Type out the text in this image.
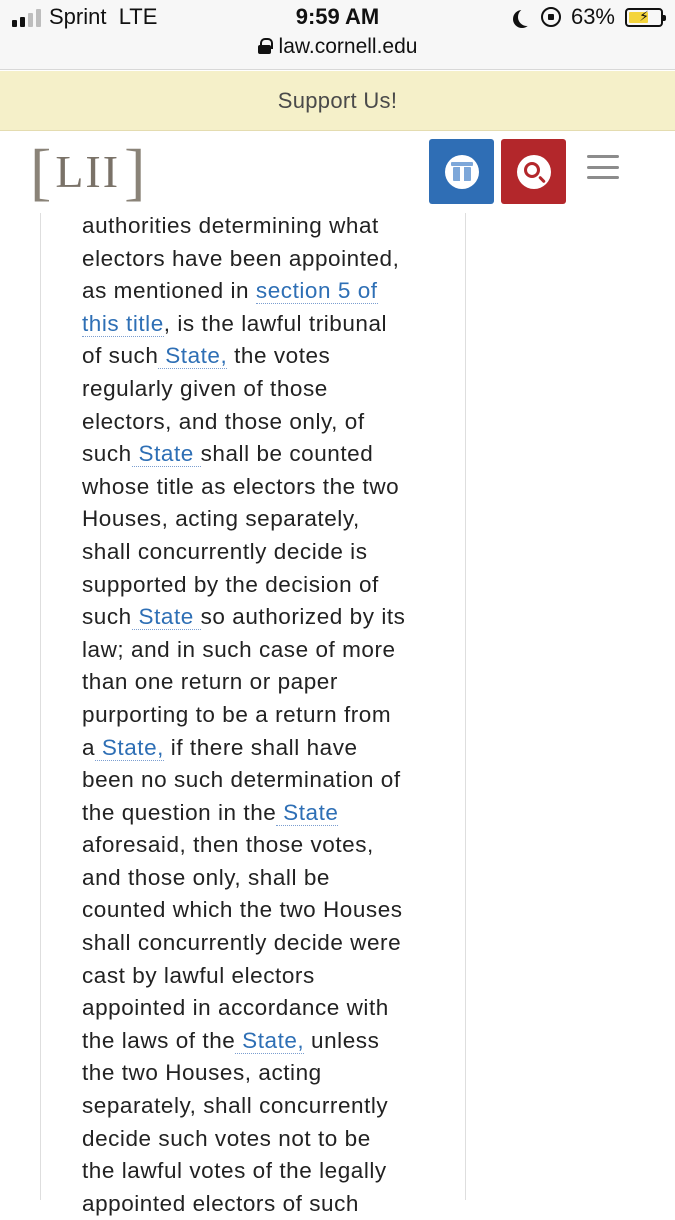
Sprint  LTE	9:59 AM
law.cornell.edu
63%	⚡
Support Us!
[ LII ]

authorities determining what

electors have been appointed,

as mentioned in section 5 of

this title, is the lawful tribunal

of such State, the votes

regularly given of those

electors, and those only, of

such State shall be counted

whose title as electors the two

Houses, acting separately,

shall concurrently decide is

supported by the decision of

such State so authorized by its

law; and in such case of more

than one return or paper

purporting to be a return from

a State, if there shall have

been no such determination of

the question in the State

aforesaid, then those votes,

and those only, shall be

counted which the two Houses

shall concurrently decide were

cast by lawful electors

appointed in accordance with

the laws of the State, unless

the two Houses, acting

separately, shall concurrently

decide such votes not to be

the lawful votes of the legally

appointed electors of such
